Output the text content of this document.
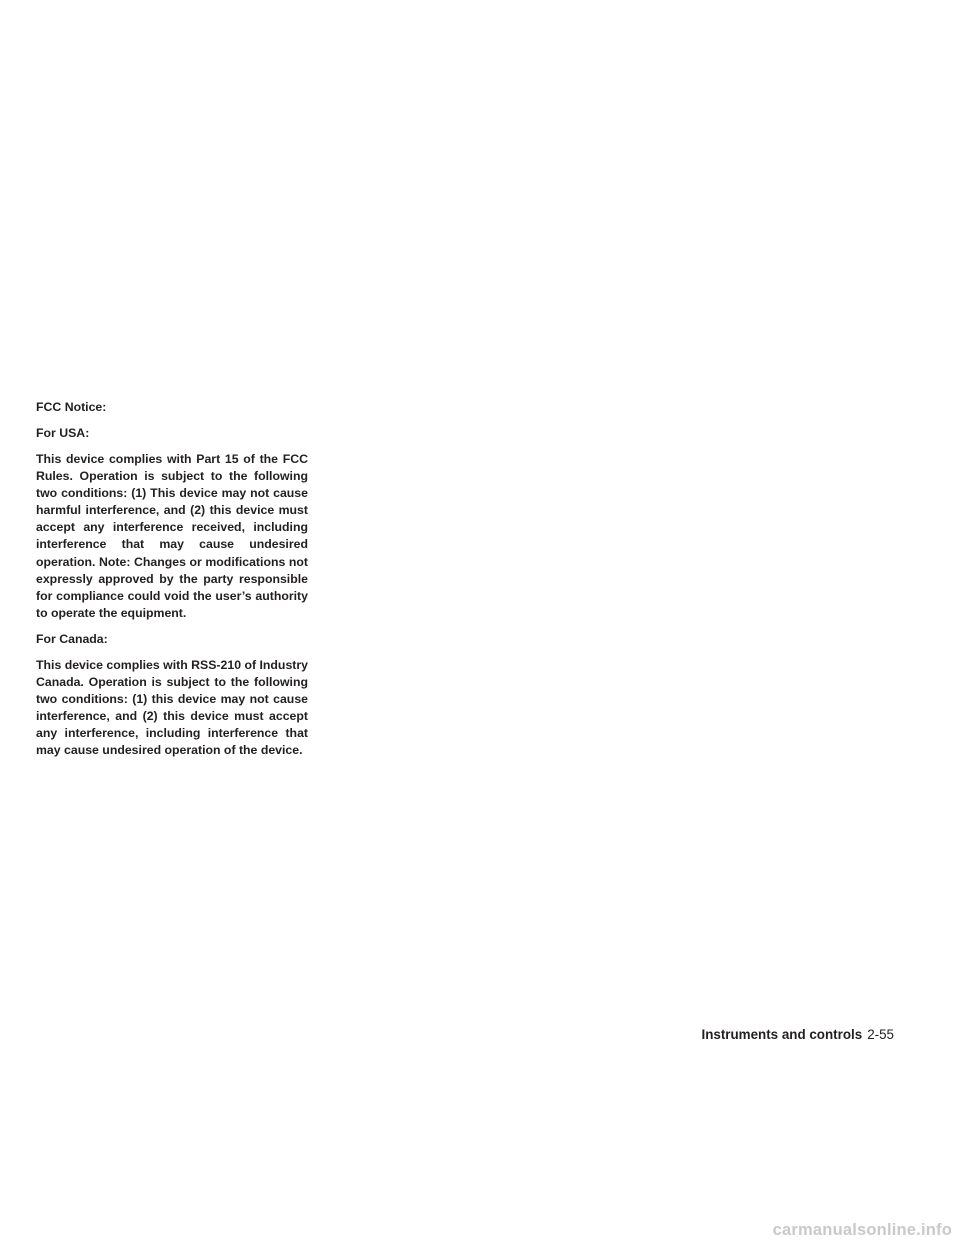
FCC Notice:
For USA:
This device complies with Part 15 of the FCC Rules. Operation is subject to the following two conditions: (1) This device may not cause harmful interference, and (2) this device must accept any interference received, including interference that may cause undesired operation. Note: Changes or modifications not expressly approved by the party responsible for compliance could void the user’s authority to operate the equipment.
For Canada:
This device complies with RSS-210 of Industry Canada. Operation is subject to the following two conditions: (1) this device may not cause interference, and (2) this device must accept any interference, including interference that may cause undesired operation of the device.
Instruments and controls 2-55
carmanualsonline.info
